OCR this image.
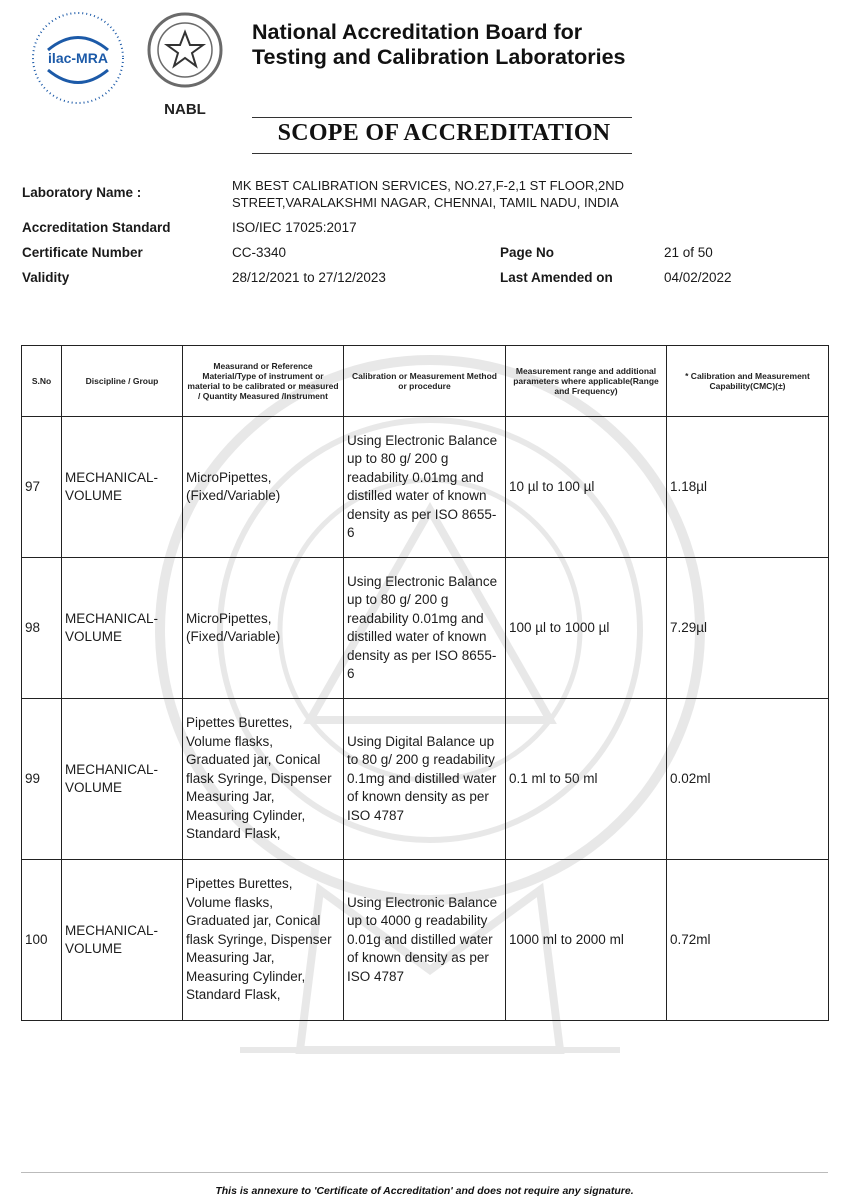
ilac-MRA
NABL
National Accreditation Board for
Testing and Calibration Laboratories
SCOPE OF ACCREDITATION
Laboratory Name :	MK BEST CALIBRATION SERVICES, NO.27,F-2,1 ST FLOOR,2ND
STREET,VARALAKSHMI NAGAR, CHENNAI, TAMIL NADU, INDIA
Accreditation Standard	ISO/IEC 17025:2017
Certificate Number	CC-3340	Page No	21 of 50
Validity	28/12/2021 to 27/12/2023	Last Amended on	04/02/2022
S.No	Discipline / Group	Measurand or Reference Material/Type of instrument or material to be calibrated or measured / Quantity Measured /Instrument	Calibration or Measurement Method or procedure	Measurement range and additional parameters where applicable(Range and Frequency)	* Calibration and Measurement Capability(CMC)(±)
97	MECHANICAL- VOLUME	MicroPipettes, (Fixed/Variable)	Using Electronic Balance up to 80 g/ 200 g readability 0.01mg and distilled water of known density as per ISO 8655-6	10 µl to 100 µl	1.18µl
98	MECHANICAL- VOLUME	MicroPipettes, (Fixed/Variable)	Using Electronic Balance up to 80 g/ 200 g readability 0.01mg and distilled water of known density as per ISO 8655-6	100 µl to 1000 µl	7.29µl
99	MECHANICAL- VOLUME	Pipettes Burettes, Volume flasks, Graduated jar, Conical flask Syringe, Dispenser Measuring Jar, Measuring Cylinder, Standard Flask,	Using Digital Balance up to 80 g/ 200 g readability 0.1mg and distilled water of known density as per ISO 4787	0.1 ml to 50 ml	0.02ml
100	MECHANICAL- VOLUME	Pipettes Burettes, Volume flasks, Graduated jar, Conical flask Syringe, Dispenser Measuring Jar, Measuring Cylinder, Standard Flask,	Using Electronic Balance up to 4000 g readability 0.01g and distilled water of known density as per ISO 4787	1000 ml to 2000 ml	0.72ml
This is annexure to 'Certificate of Accreditation' and does not require any signature.
